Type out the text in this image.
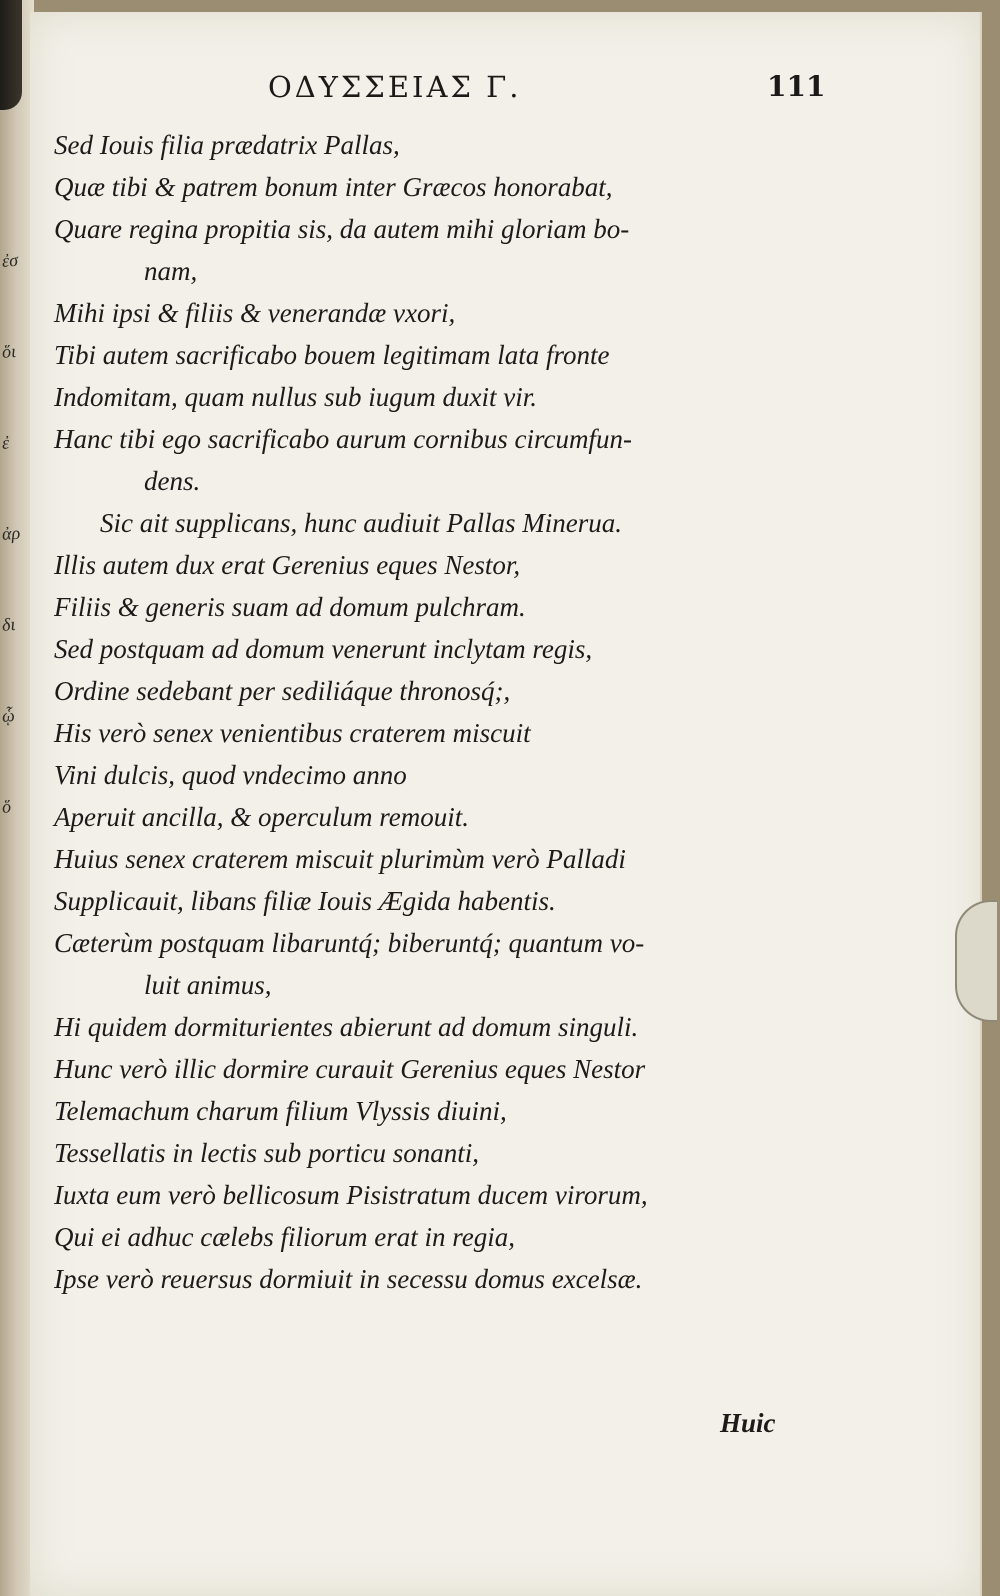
ἐσ
ὅι
ἐ
ἀρ
δι
ᾧ
ὅ
ΟΔΥΣΣΕΙΑΣ Γ.	111
Sed Iouis filia prædatrix Pallas,
Quæ tibi & patrem bonum inter Græcos honorabat,
Quare regina propitia sis, da autem mihi gloriam bo-
nam,
Mihi ipsi & filiis & venerandæ vxori,
Tibi autem sacrificabo bouem legitimam lata fronte
Indomitam, quam nullus sub iugum duxit vir.
Hanc tibi ego sacrificabo aurum cornibus circumfun-
dens.
Sic ait supplicans, hunc audiuit Pallas Minerua.
Illis autem dux erat Gerenius eques Nestor,
Filiis & generis suam ad domum pulchram.
Sed postquam ad domum venerunt inclytam regis,
Ordine sedebant per sediliáque thronosq́;,
His verò senex venientibus craterem miscuit
Vini dulcis, quod vndecimo anno
Aperuit ancilla, & operculum remouit.
Huius senex craterem miscuit plurimùm verò Palladi
Supplicauit, libans filiæ Iouis Ægida habentis.
Cæterùm postquam libaruntq́; biberuntq́; quantum vo-
luit animus,
Hi quidem dormiturientes abierunt ad domum singuli.
Hunc verò illic dormire curauit Gerenius eques Nestor
Telemachum charum filium Vlyssis diuini,
Tessellatis in lectis sub porticu sonanti,
Iuxta eum verò bellicosum Pisistratum ducem virorum,
Qui ei adhuc cælebs filiorum erat in regia,
Ipse verò reuersus dormiuit in secessu domus excelsæ.
Huic
